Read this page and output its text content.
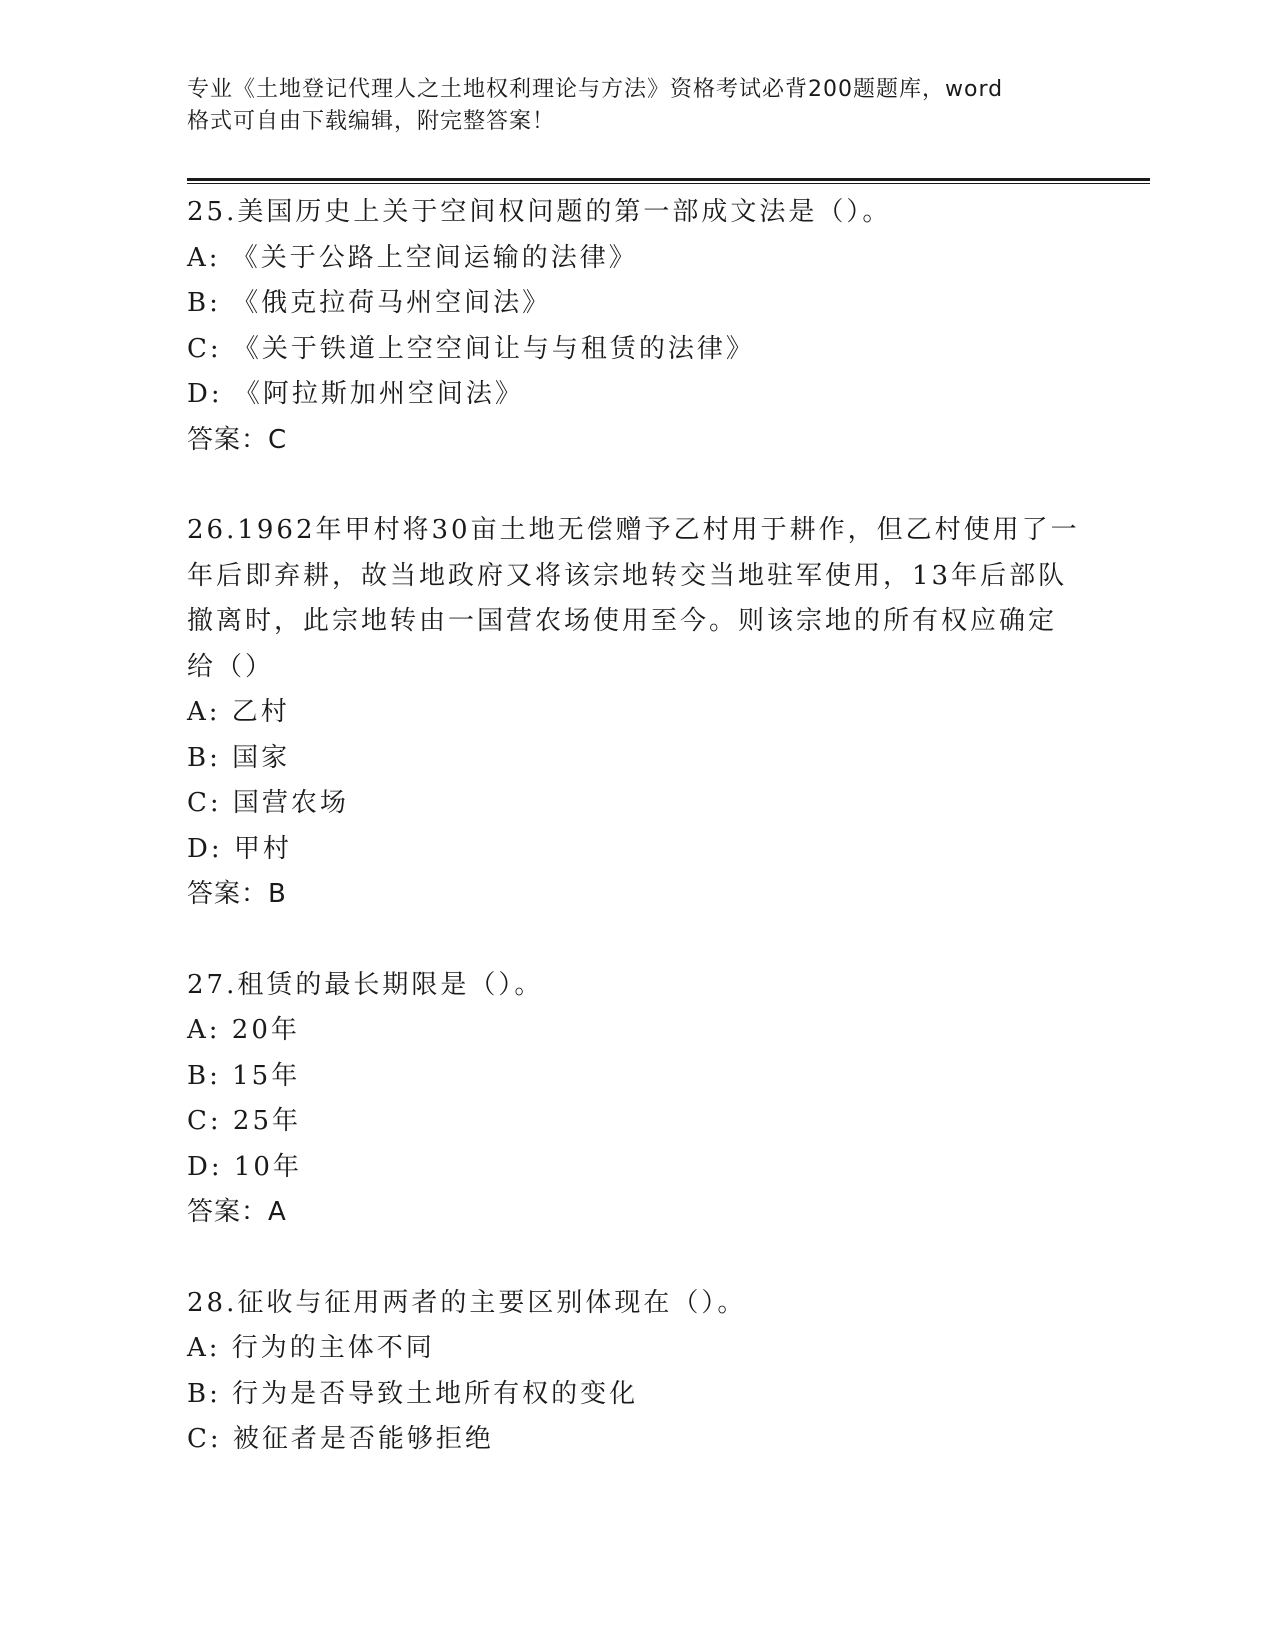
专业《土地登记代理人之土地权利理论与方法》资格考试必背200题题库，word
格式可自由下载编辑，附完整答案！
25.美国历史上关于空间权问题的第一部成文法是（）。
A: 《关于公路上空间运输的法律》
B: 《俄克拉荷马州空间法》
C: 《关于铁道上空空间让与与租赁的法律》
D: 《阿拉斯加州空间法》
答案：C
26.1962年甲村将30亩土地无偿赠予乙村用于耕作，但乙村使用了一
年后即弃耕，故当地政府又将该宗地转交当地驻军使用，13年后部队
撤离时，此宗地转由一国营农场使用至今。则该宗地的所有权应确定
给（）
A: 乙村
B: 国家
C: 国营农场
D: 甲村
答案：B
27.租赁的最长期限是（）。
A: 20年
B: 15年
C: 25年
D: 10年
答案：A
28.征收与征用两者的主要区别体现在（）。
A: 行为的主体不同
B: 行为是否导致土地所有权的变化
C: 被征者是否能够拒绝
